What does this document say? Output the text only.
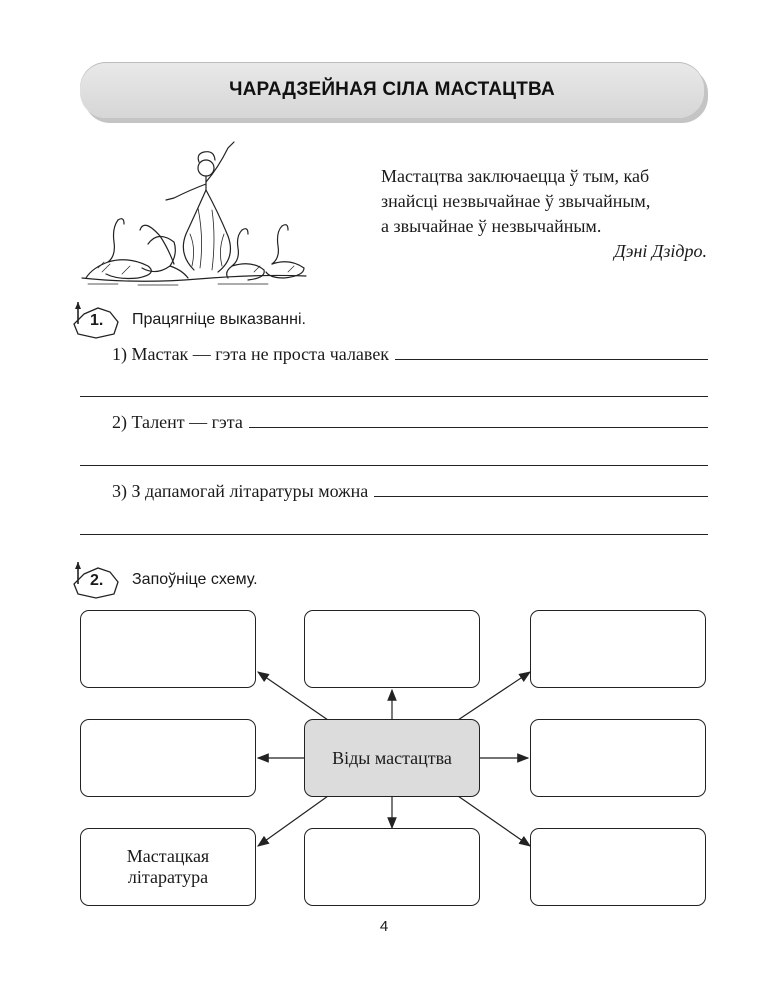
ЧАРАДЗЕЙНАЯ СІЛА МАСТАЦТВА
Мастацтва заключаецца ў тым, каб
знайсці незвычайнае ў звычайным,
а звычайнае ў незвычайным.
Дэні Дзідро.
1. Працягніце выказванні.
1) Мастак — гэта не проста чалавек
2) Талент — гэта
3) З дапамогай літаратуры можна
2. Запоўніце схему.
Віды мастацтва
Мастацкая літаратура
4
